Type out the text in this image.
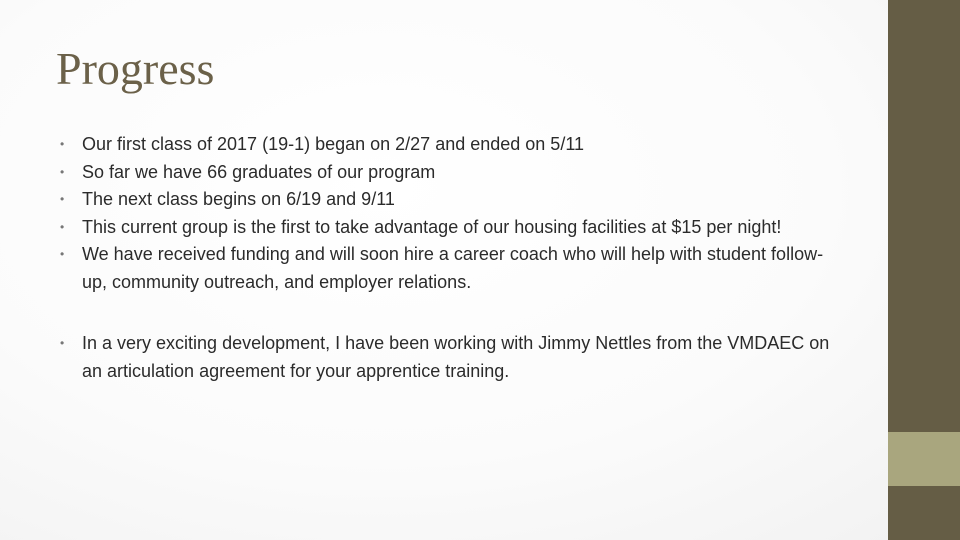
Progress
• Our first class of 2017 (19-1) began on 2/27 and ended on 5/11
• So far we have 66 graduates of our program
• The next class begins on 6/19 and 9/11
• This current group is the first to take advantage of our housing facilities at $15 per night!
• We have received funding and will soon hire a career coach who will help with student follow-up, community outreach, and employer relations.
• In a very exciting development, I have been working with Jimmy Nettles from the VMDAEC on an articulation agreement for your apprentice training.
